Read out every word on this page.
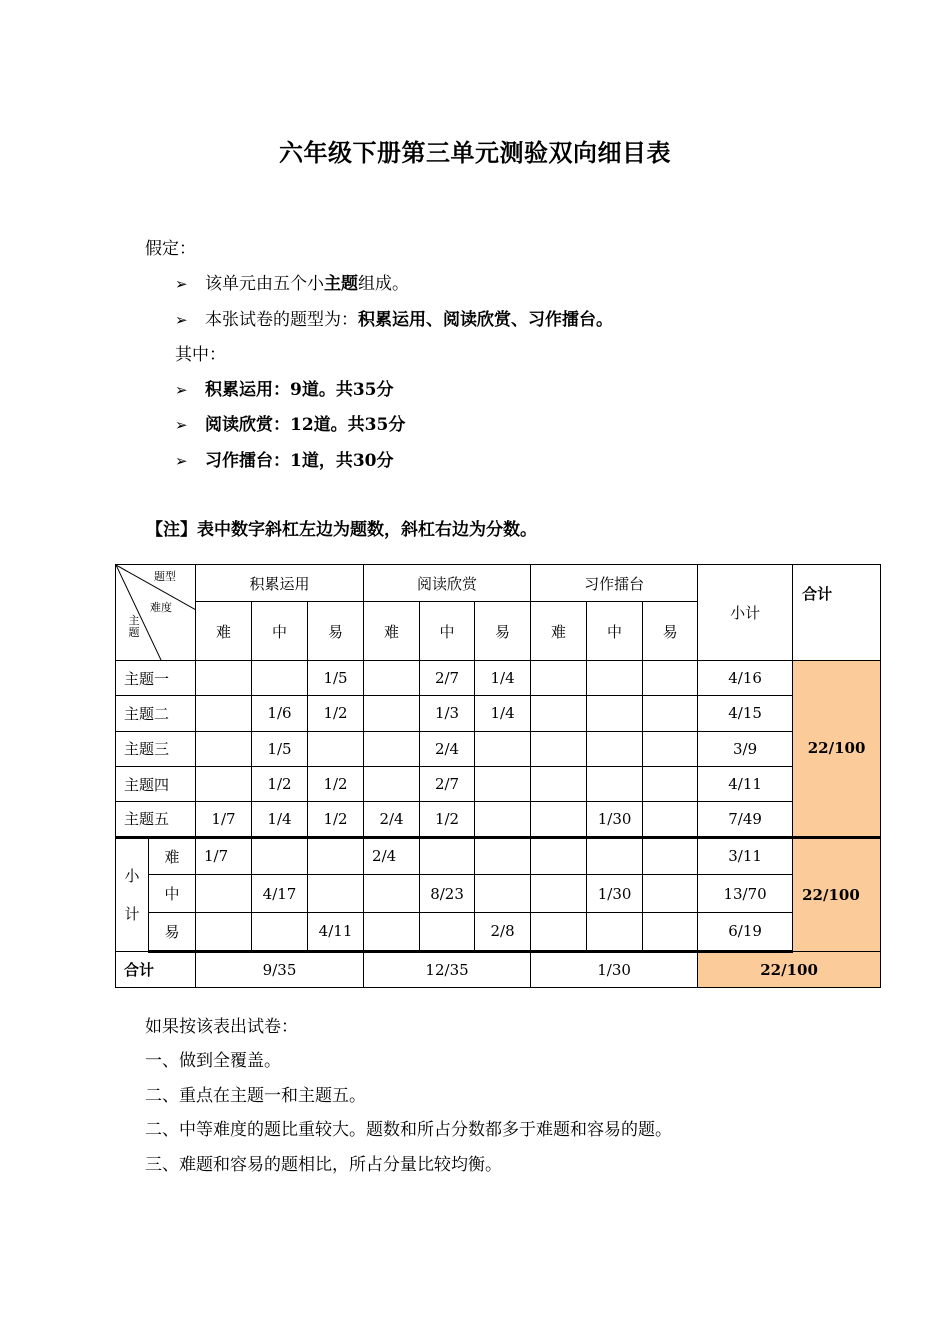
六年级下册第三单元测验双向细目表
假定：
➢ 该单元由五个小主题组成。
➢ 本张试卷的题型为：积累运用、阅读欣赏、习作擂台。
其中：
➢ 积累运用：9道。共35分
➢ 阅读欣赏：12道。共35分
➢ 习作擂台：1道，共30分
【注】表中数字斜杠左边为题数，斜杠右边为分数。
题型
难度
主题		积累运用			阅读欣赏			习作擂台			小计	合计
		难	中	易	难	中	易	难	中	易		
主题一				1/5		2/7	1/4				4/16	22/100
主题二			1/6	1/2		1/3	1/4				4/15	
主题三			1/5			2/4					3/9	
主题四			1/2	1/2		2/7					4/11	
主题五		1/7	1/4	1/2	2/4	1/2			1/30		7/49	
小
计	难	1/7			2/4						3/11	22/100
	中		4/17			8/23			1/30		13/70	
	易			4/11			2/8				6/19	
合计		9/35			12/35			1/30			22/100	
如果按该表出试卷：
一、做到全覆盖。
二、重点在主题一和主题五。
二、中等难度的题比重较大。题数和所占分数都多于难题和容易的题。
三、难题和容易的题相比，所占分量比较均衡。
